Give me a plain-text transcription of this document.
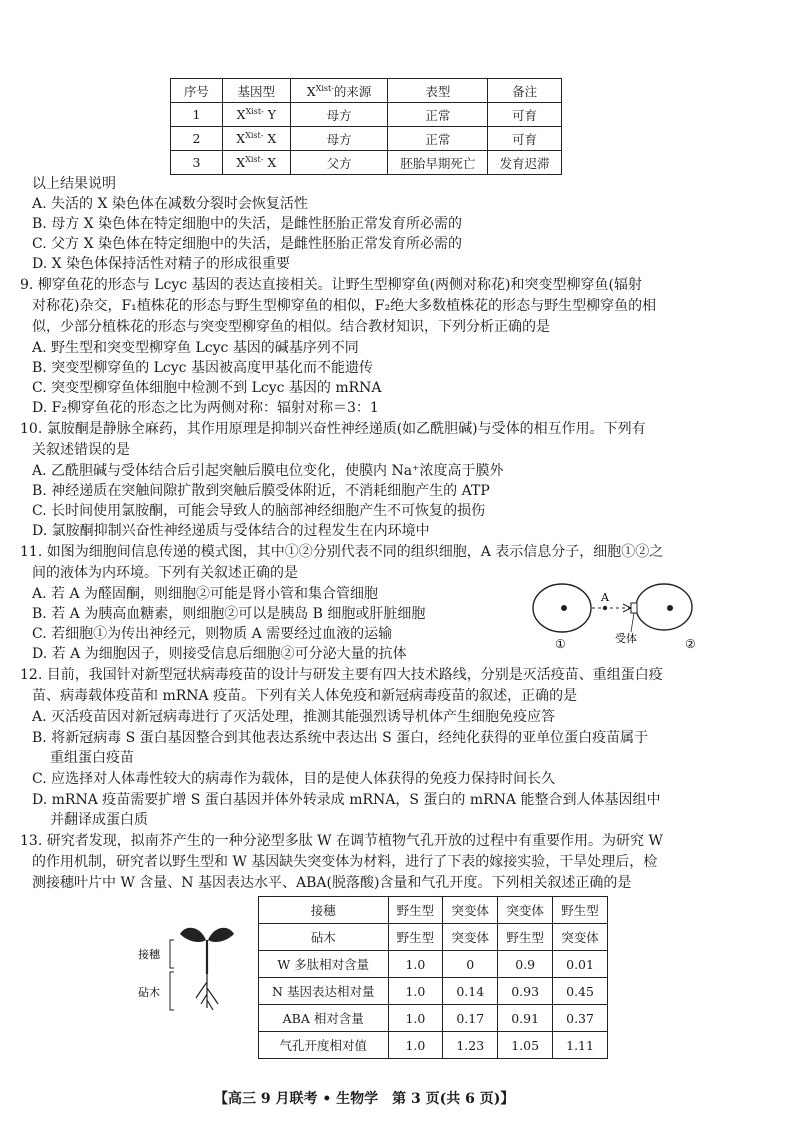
序号	基因型	$X^{Xist-}$的来源	表型	备注
1	$X^{Xist-}$ Y	母方	正常	可育
2	$X^{Xist-}$ X	母方	正常	可育
3	$X^{Xist-}$ X	父方	胚胎早期死亡	发育迟滞
以上结果说明
A. 失活的 X 染色体在减数分裂时会恢复活性
B. 母方 X 染色体在特定细胞中的失活，是雌性胚胎正常发育所必需的
C. 父方 X 染色体在特定细胞中的失活，是雌性胚胎正常发育所必需的
D. X 染色体保持活性对精子的形成很重要
9. 柳穿鱼花的形态与 Lcyc 基因的表达直接相关。让野生型柳穿鱼(两侧对称花)和突变型柳穿鱼(辐射
对称花)杂交，F₁植株花的形态与野生型柳穿鱼的相似，F₂绝大多数植株花的形态与野生型柳穿鱼的相
似，少部分植株花的形态与突变型柳穿鱼的相似。结合教材知识，下列分析正确的是
A. 野生型和突变型柳穿鱼 Lcyc 基因的碱基序列不同
B. 突变型柳穿鱼的 Lcyc 基因被高度甲基化而不能遗传
C. 突变型柳穿鱼体细胞中检测不到 Lcyc 基因的 mRNA
D. F₂柳穿鱼花的形态之比为两侧对称：辐射对称＝3：1
10. 氯胺酮是静脉全麻药，其作用原理是抑制兴奋性神经递质(如乙酰胆碱)与受体的相互作用。下列有
关叙述错误的是
A. 乙酰胆碱与受体结合后引起突触后膜电位变化，使膜内 Na⁺浓度高于膜外
B. 神经递质在突触间隙扩散到突触后膜受体附近，不消耗细胞产生的 ATP
C. 长时间使用氯胺酮，可能会导致人的脑部神经细胞产生不可恢复的损伤
D. 氯胺酮抑制兴奋性神经递质与受体结合的过程发生在内环境中
11. 如图为细胞间信息传递的模式图，其中①②分别代表不同的组织细胞，A 表示信息分子，细胞①②之
间的液体为内环境。下列有关叙述正确的是
A. 若 A 为醛固酮，则细胞②可能是肾小管和集合管细胞
B. 若 A 为胰高血糖素，则细胞②可以是胰岛 B 细胞或肝脏细胞
C. 若细胞①为传出神经元，则物质 A 需要经过血液的运输
D. 若 A 为细胞因子，则接受信息后细胞②可分泌大量的抗体
A
受体
①	②
12. 目前，我国针对新型冠状病毒疫苗的设计与研发主要有四大技术路线，分别是灭活疫苗、重组蛋白疫
苗、病毒载体疫苗和 mRNA 疫苗。下列有关人体免疫和新冠病毒疫苗的叙述，正确的是
A. 灭活疫苗因对新冠病毒进行了灭活处理，推测其能强烈诱导机体产生细胞免疫应答
B. 将新冠病毒 S 蛋白基因整合到其他表达系统中表达出 S 蛋白，经纯化获得的亚单位蛋白疫苗属于
重组蛋白疫苗
C. 应选择对人体毒性较大的病毒作为载体，目的是使人体获得的免疫力保持时间长久
D. mRNA 疫苗需要扩增 S 蛋白基因并体外转录成 mRNA，S 蛋白的 mRNA 能整合到人体基因组中
并翻译成蛋白质
13. 研究者发现，拟南芥产生的一种分泌型多肽 W 在调节植物气孔开放的过程中有重要作用。为研究 W
的作用机制，研究者以野生型和 W 基因缺失突变体为材料，进行了下表的嫁接实验，干旱处理后，检
测接穗叶片中 W 含量、N 基因表达水平、ABA(脱落酸)含量和气孔开度。下列相关叙述正确的是
接穗
砧木
接穗	野生型	突变体	突变体	野生型
砧木	野生型	突变体	野生型	突变体
W 多肽相对含量	1.0	0	0.9	0.01
N 基因表达相对量	1.0	0.14	0.93	0.45
ABA 相对含量	1.0	0.17	0.91	0.37
气孔开度相对值	1.0	1.23	1.05	1.11
【高三 9 月联考 • 生物学　第 3 页(共 6 页)】
